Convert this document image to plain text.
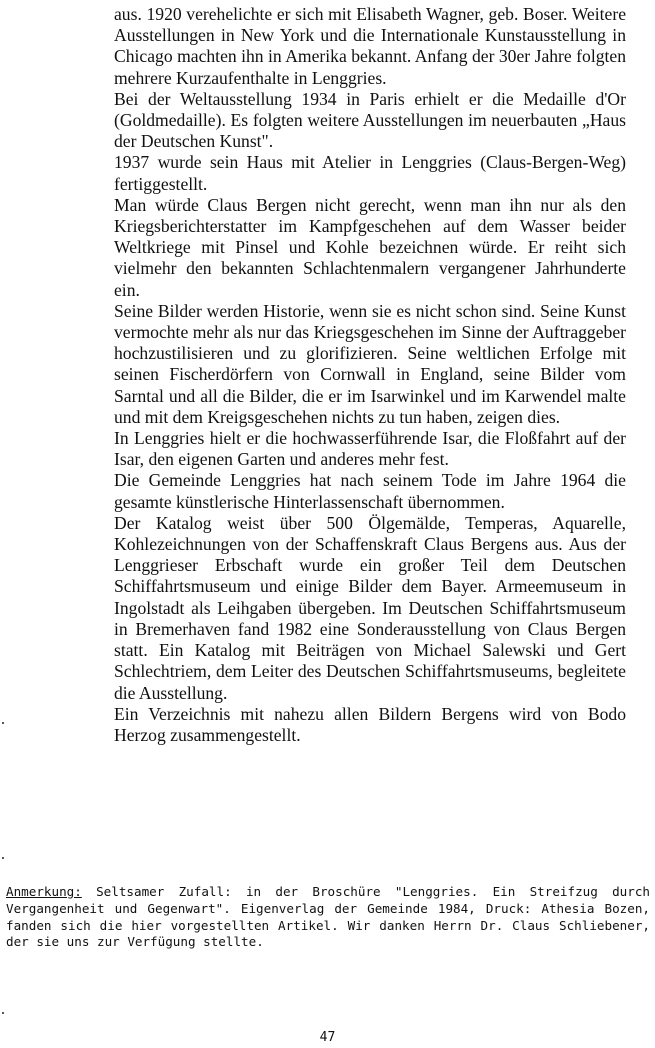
aus. 1920 verehelichte er sich mit Elisabeth Wagner, geb. Boser. Weitere Ausstellungen in New York und die Internationale Kunstausstellung in Chicago machten ihn in Amerika bekannt. Anfang der 30er Jahre folgten mehrere Kurzaufenthalte in Lenggries.

Bei der Weltausstellung 1934 in Paris erhielt er die Medaille d'Or (Goldmedaille). Es folgten weitere Ausstellungen im neuerbauten „Haus der Deutschen Kunst".

1937 wurde sein Haus mit Atelier in Lenggries (Claus-Bergen-Weg) fertiggestellt.

Man würde Claus Bergen nicht gerecht, wenn man ihn nur als den Kriegsberichterstatter im Kampfgeschehen auf dem Wasser beider Weltkriege mit Pinsel und Kohle bezeichnen würde. Er reiht sich vielmehr den bekannten Schlachtenmalern vergangener Jahrhunderte ein.

Seine Bilder werden Historie, wenn sie es nicht schon sind. Seine Kunst vermochte mehr als nur das Kriegsgeschehen im Sinne der Auftraggeber hochzustilisieren und zu glorifizieren. Seine weltlichen Erfolge mit seinen Fischerdörfern von Cornwall in England, seine Bilder vom Sarntal und all die Bilder, die er im Isarwinkel und im Karwendel malte und mit dem Kreigsgeschehen nichts zu tun haben, zeigen dies.

In Lenggries hielt er die hochwasserführende Isar, die Floßfahrt auf der Isar, den eigenen Garten und anderes mehr fest.

Die Gemeinde Lenggries hat nach seinem Tode im Jahre 1964 die gesamte künstlerische Hinterlassenschaft übernommen.

Der Katalog weist über 500 Ölgemälde, Temperas, Aquarelle, Kohlezeichnungen von der Schaffenskraft Claus Bergens aus. Aus der Lenggrieser Erbschaft wurde ein großer Teil dem Deutschen Schiffahrtsmuseum und einige Bilder dem Bayer. Armeemuseum in Ingolstadt als Leihgaben übergeben. Im Deutschen Schiffahrtsmuseum in Bremerhaven fand 1982 eine Sonderausstellung von Claus Bergen statt. Ein Katalog mit Beiträgen von Michael Salewski und Gert Schlechtriem, dem Leiter des Deutschen Schiffahrtsmuseums, begleitete die Ausstellung.

Ein Verzeichnis mit nahezu allen Bildern Bergens wird von Bodo Herzog zusammengestellt.

Anmerkung: Seltsamer Zufall: in der Broschüre "Lenggries. Ein Streifzug durch Vergangenheit und Gegenwart". Eigenverlag der Gemeinde 1984, Druck: Athesia Bozen, fanden sich die hier vorgestellten Artikel. Wir danken Herrn Dr. Claus Schliebener, der sie uns zur Verfügung stellte.
47
